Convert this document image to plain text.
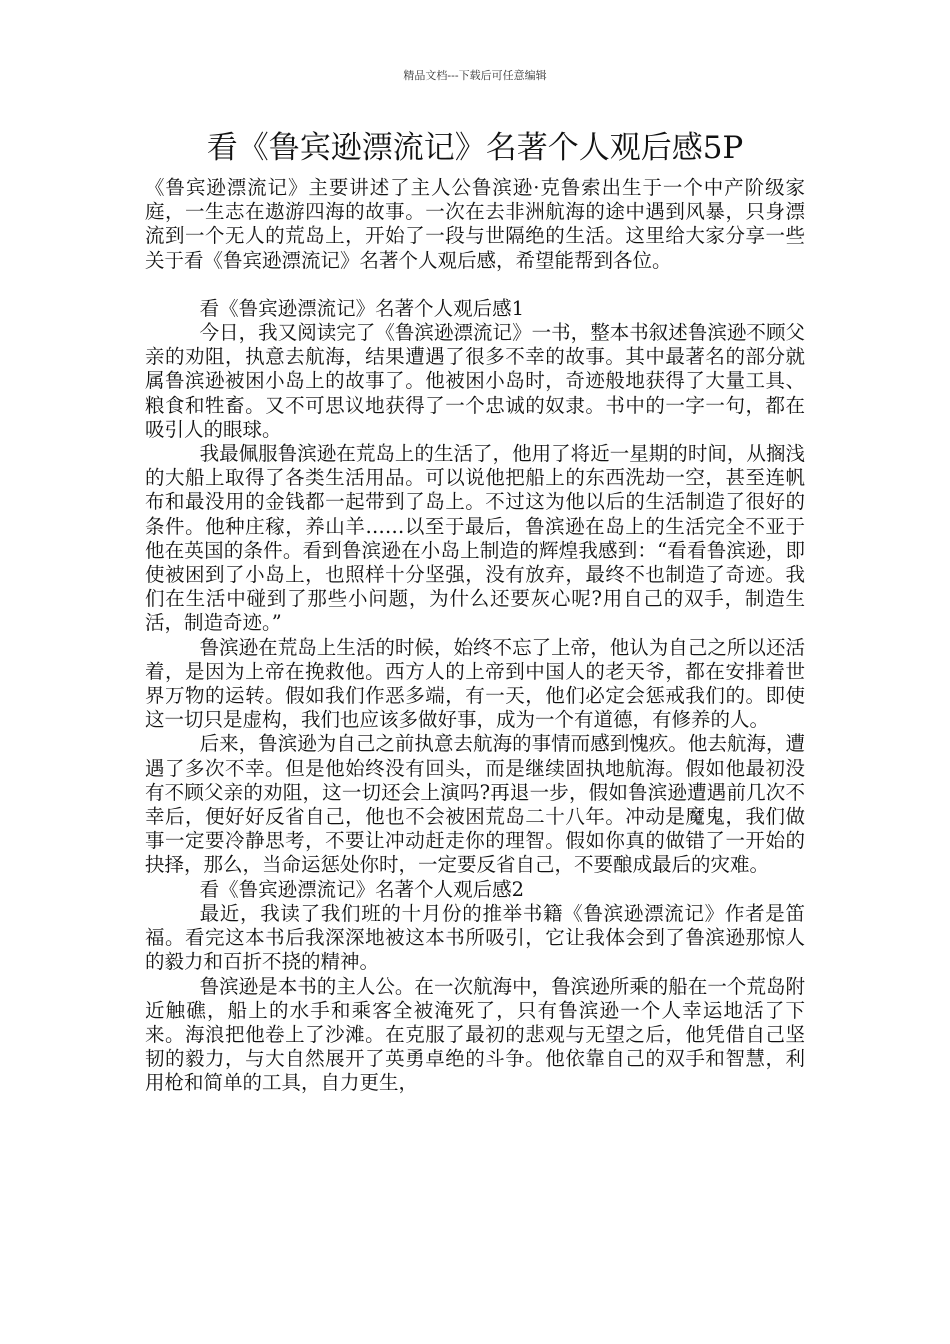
精品文档---下载后可任意编辑
看《鲁宾逊漂流记》名著个人观后感5P

《鲁宾逊漂流记》主要讲述了主人公鲁滨逊·克鲁索出生于一个中产阶级家庭，一生志在遨游四海的故事。一次在去非洲航海的途中遇到风暴，只身漂流到一个无人的荒岛上，开始了一段与世隔绝的生活。这里给大家分享一些关于看《鲁宾逊漂流记》名著个人观后感，希望能帮到各位。

看《鲁宾逊漂流记》名著个人观后感1

今日，我又阅读完了《鲁滨逊漂流记》一书，整本书叙述鲁滨逊不顾父亲的劝阻，执意去航海，结果遭遇了很多不幸的故事。其中最著名的部分就属鲁滨逊被困小岛上的故事了。他被困小岛时，奇迹般地获得了大量工具、粮食和牲畜。又不可思议地获得了一个忠诚的奴隶。书中的一字一句，都在吸引人的眼球。

我最佩服鲁滨逊在荒岛上的生活了，他用了将近一星期的时间，从搁浅的大船上取得了各类生活用品。可以说他把船上的东西洗劫一空，甚至连帆布和最没用的金钱都一起带到了岛上。不过这为他以后的生活制造了很好的条件。他种庄稼，养山羊……以至于最后，鲁滨逊在岛上的生活完全不亚于他在英国的条件。看到鲁滨逊在小岛上制造的辉煌我感到：“看看鲁滨逊，即使被困到了小岛上，也照样十分坚强，没有放弃，最终不也制造了奇迹。我们在生活中碰到了那些小问题，为什么还要灰心呢?用自己的双手，制造生活，制造奇迹。”

鲁滨逊在荒岛上生活的时候，始终不忘了上帝，他认为自己之所以还活着，是因为上帝在挽救他。西方人的上帝到中国人的老天爷，都在安排着世界万物的运转。假如我们作恶多端，有一天，他们必定会惩戒我们的。即使这一切只是虚构，我们也应该多做好事，成为一个有道德，有修养的人。

后来，鲁滨逊为自己之前执意去航海的事情而感到愧疚。他去航海，遭遇了多次不幸。但是他始终没有回头，而是继续固执地航海。假如他最初没有不顾父亲的劝阻，这一切还会上演吗?再退一步，假如鲁滨逊遭遇前几次不幸后，便好好反省自己，他也不会被困荒岛二十八年。冲动是魔鬼，我们做事一定要冷静思考，不要让冲动赶走你的理智。假如你真的做错了一开始的抉择，那么，当命运惩处你时，一定要反省自己，不要酿成最后的灾难。

看《鲁宾逊漂流记》名著个人观后感2

最近，我读了我们班的十月份的推举书籍《鲁滨逊漂流记》作者是笛福。看完这本书后我深深地被这本书所吸引，它让我体会到了鲁滨逊那惊人的毅力和百折不挠的精神。

鲁滨逊是本书的主人公。在一次航海中，鲁滨逊所乘的船在一个荒岛附近触礁，船上的水手和乘客全被淹死了，只有鲁滨逊一个人幸运地活了下来。海浪把他卷上了沙滩。在克服了最初的悲观与无望之后，他凭借自己坚韧的毅力，与大自然展开了英勇卓绝的斗争。他依靠自己的双手和智慧，利用枪和简单的工具，自力更生，
